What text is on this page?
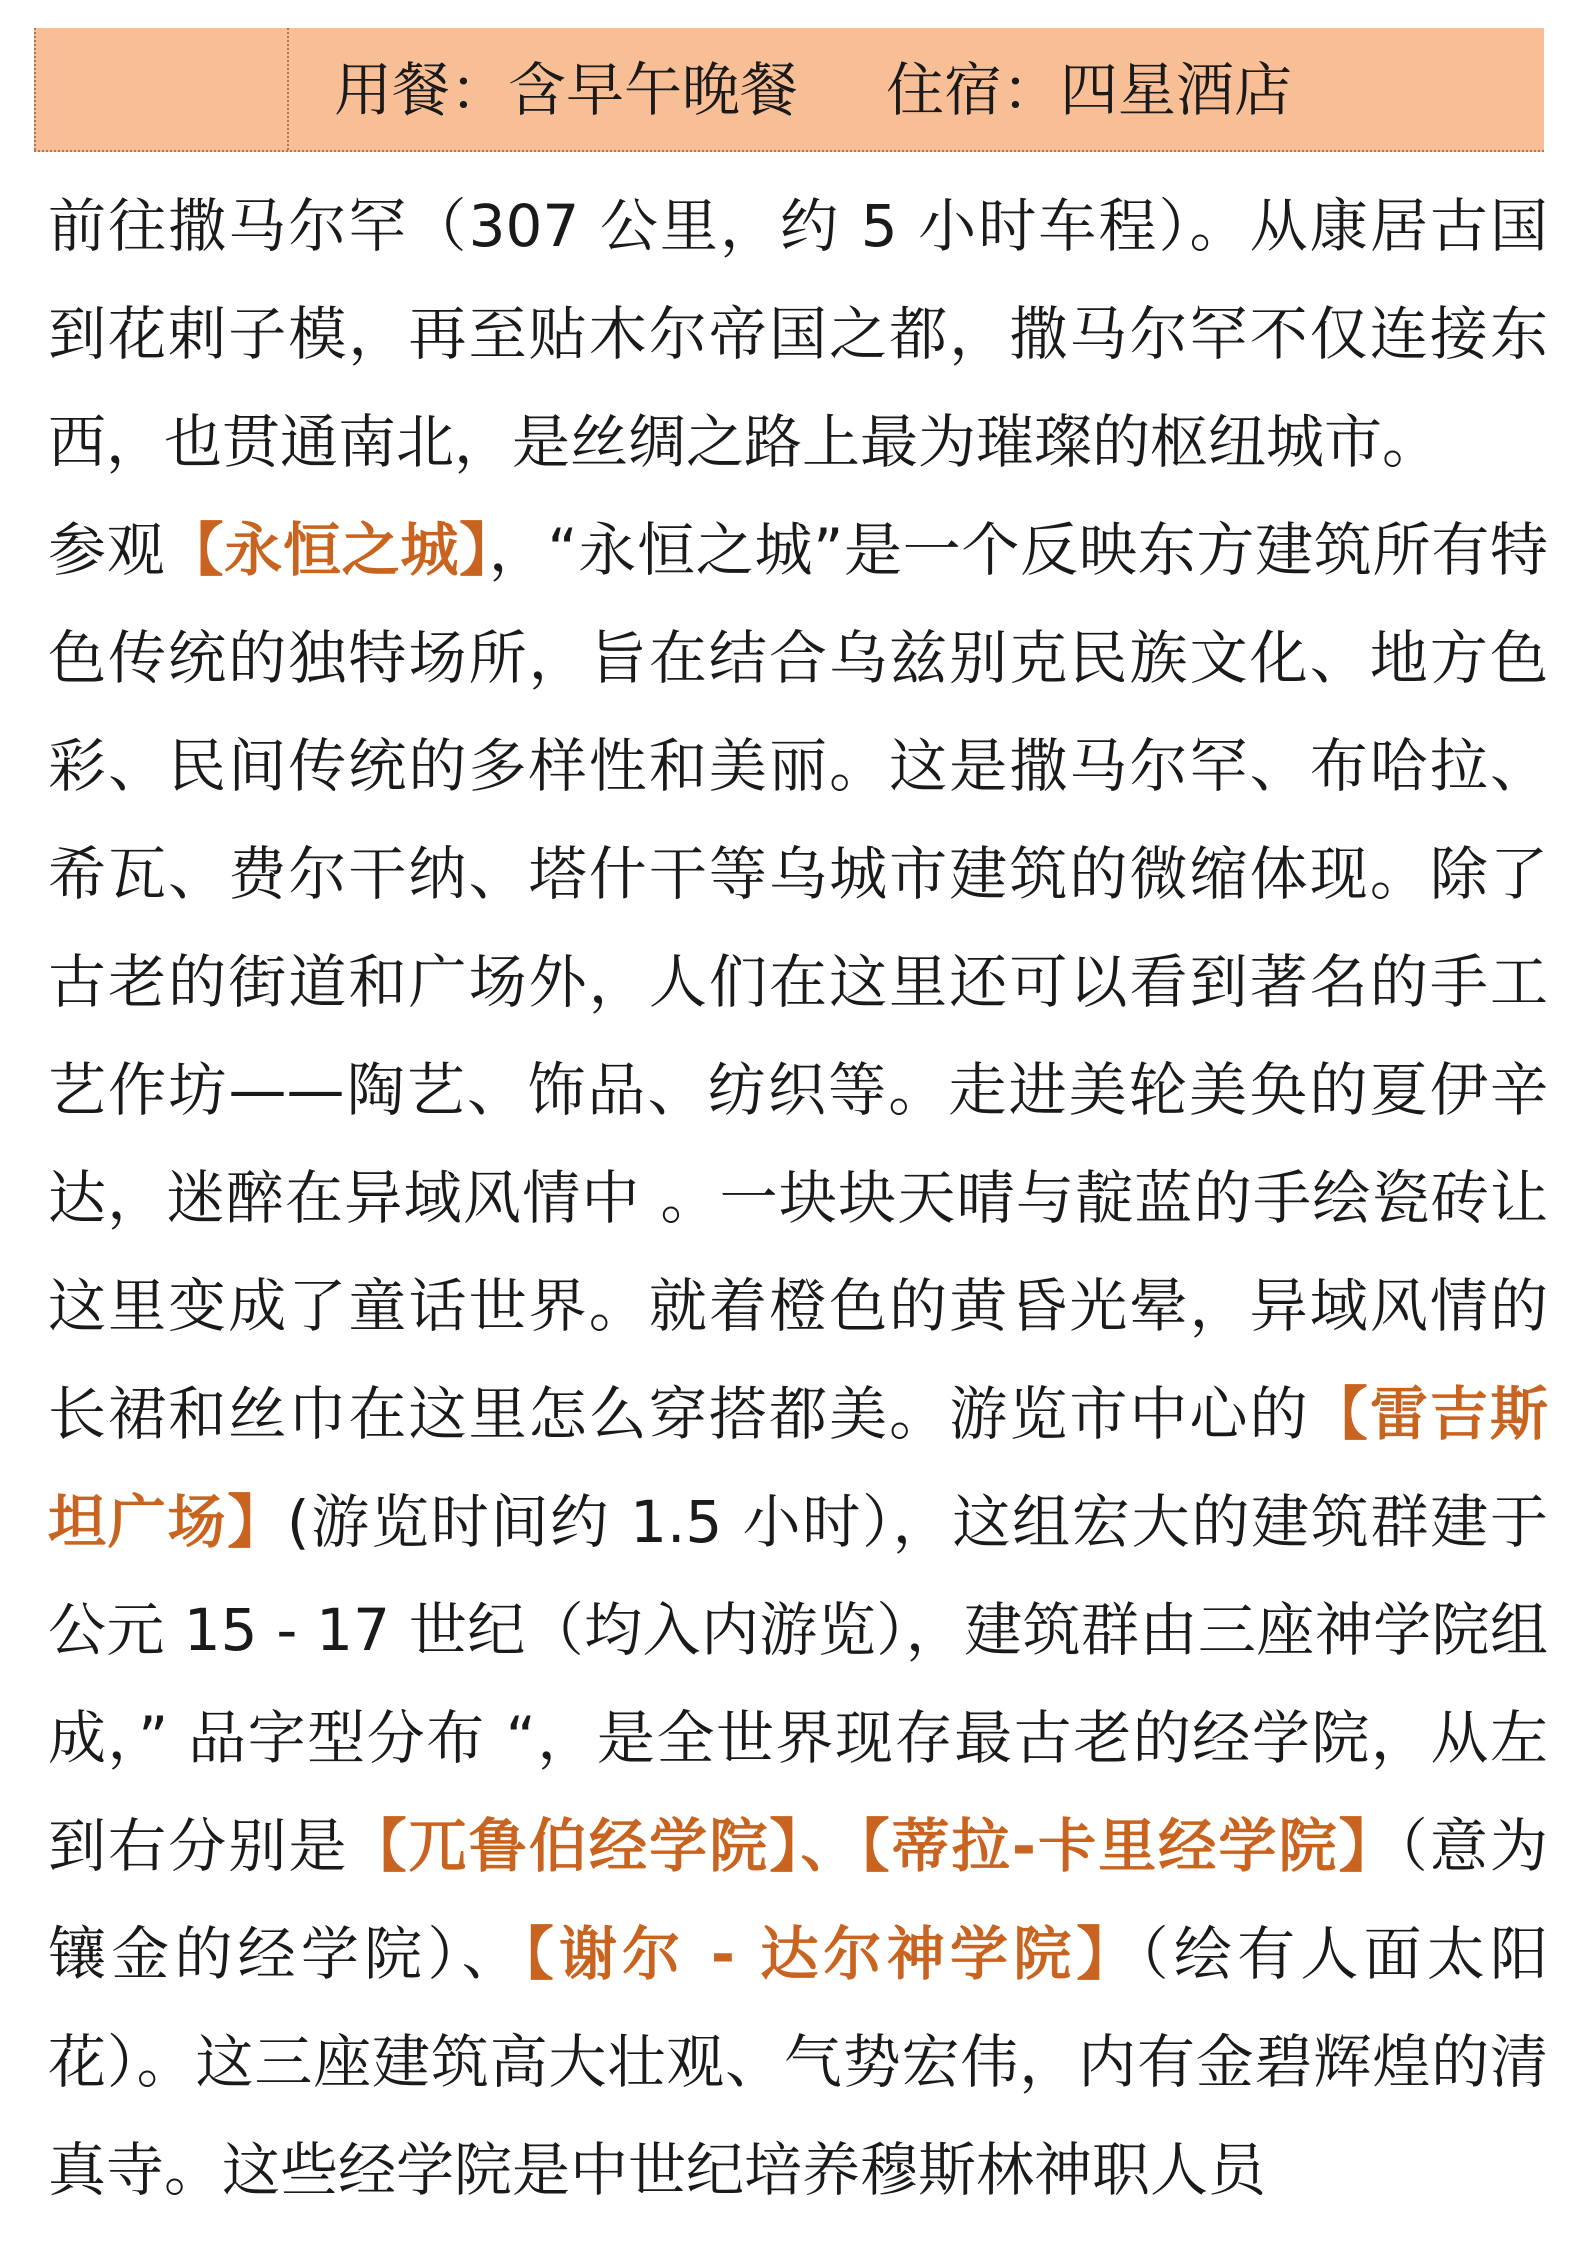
用餐：含早午晚餐 住宿：四星酒店

前往撒马尔罕（307 公里，约 5 小时车程）。从康居古国到花剌子模，再至贴木尔帝国之都，撒马尔罕不仅连接东西，也贯通南北，是丝绸之路上最为璀璨的枢纽城市。

参观【永恒之城】，“永恒之城”是一个反映东方建筑所有特色传统的独特场所，旨在结合乌兹别克民族文化、地方色彩、民间传统的多样性和美丽。这是撒马尔罕、布哈拉、希瓦、费尔干纳、塔什干等乌城市建筑的微缩体现。除了古老的街道和广场外，人们在这里还可以看到著名的手工艺作坊——陶艺、饰品、纺织等。走进美轮美奂的夏伊辛达，迷醉在异域风情中 。一块块天晴与靛蓝的手绘瓷砖让这里变成了童话世界。就着橙色的黄昏光晕，异域风情的长裙和丝巾在这里怎么穿搭都美。游览市中心的【雷吉斯坦广场】(游览时间约 1.5 小时），这组宏大的建筑群建于公元 15 - 17 世纪（均入内游览），建筑群由三座神学院组成，” 品字型分布 “，是全世界现存最古老的经学院，从左到右分别是【兀鲁伯经学院】、【蒂拉-卡里经学院】（意为镶金的经学院）、【谢尔 - 达尔神学院】（绘有人面太阳花）。这三座建筑高大壮观、气势宏伟，内有金碧辉煌的清真寺。这些经学院是中世纪培养穆斯林神职人员
